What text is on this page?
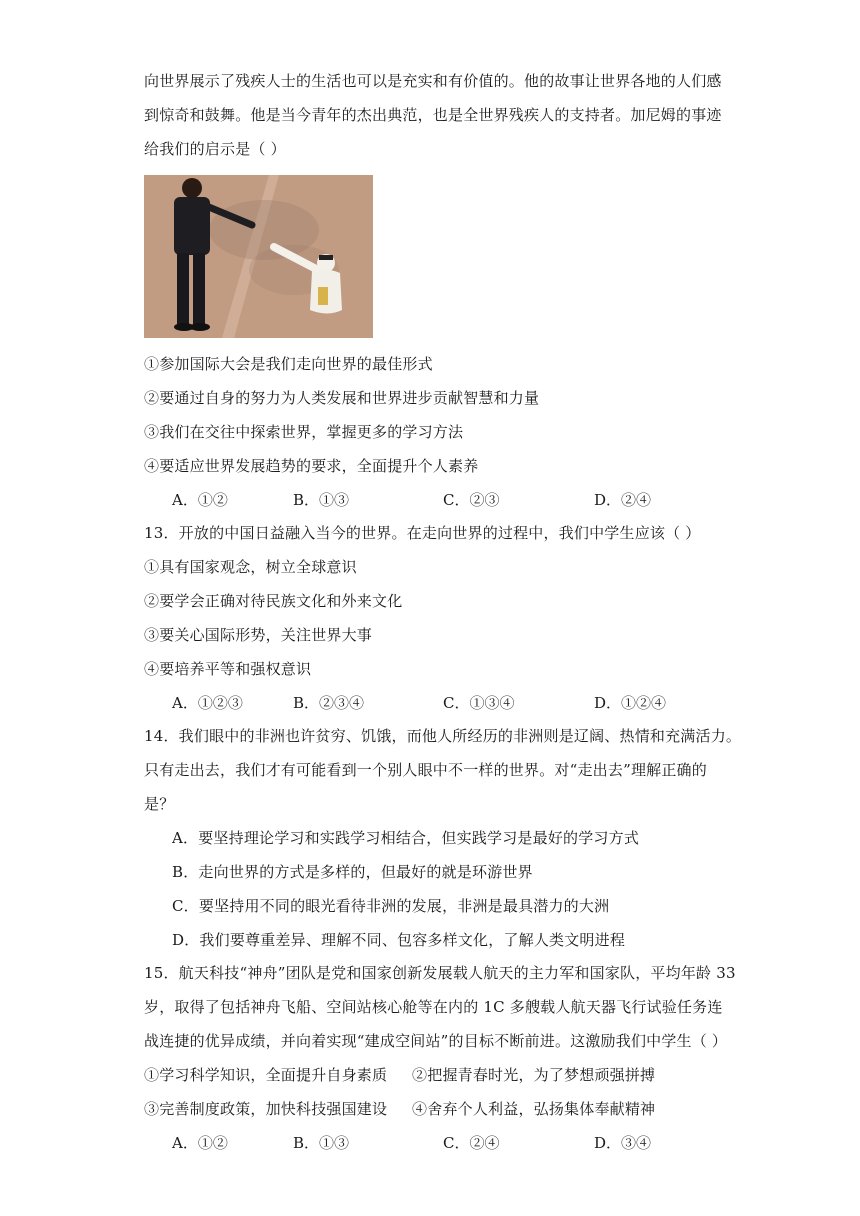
向世界展示了残疾人士的生活也可以是充实和有价值的。他的故事让世界各地的人们感
到惊奇和鼓舞。他是当今青年的杰出典范，也是全世界残疾人的支持者。加尼姆的事迹
给我们的启示是（ ）
①参加国际大会是我们走向世界的最佳形式
②要通过自身的努力为人类发展和世界进步贡献智慧和力量
③我们在交往中探索世界，掌握更多的学习方法
④要适应世界发展趋势的要求，全面提升个人素养
A．①②	B．①③	C．②③	D．②④
13．开放的中国日益融入当今的世界。在走向世界的过程中，我们中学生应该（ ）
①具有国家观念，树立全球意识
②要学会正确对待民族文化和外来文化
③要关心国际形势，关注世界大事
④要培养平等和强权意识
A．①②③	B．②③④	C．①③④	D．①②④
14．我们眼中的非洲也许贫穷、饥饿，而他人所经历的非洲则是辽阔、热情和充满活力。
只有走出去，我们才有可能看到一个别人眼中不一样的世界。对“走出去”理解正确的
是？
A．要坚持理论学习和实践学习相结合，但实践学习是最好的学习方式
B．走向世界的方式是多样的，但最好的就是环游世界
C．要坚持用不同的眼光看待非洲的发展，非洲是最具潜力的大洲
D．我们要尊重差异、理解不同、包容多样文化，了解人类文明进程
15．航天科技“神舟”团队是党和国家创新发展载人航天的主力军和国家队，平均年龄 33
岁，取得了包括神舟飞船、空间站核心舱等在内的 1C 多艘载人航天器飞行试验任务连
战连捷的优异成绩，并向着实现“建成空间站”的目标不断前进。这激励我们中学生（ ）
①学习科学知识，全面提升自身素质     ②把握青春时光，为了梦想顽强拼搏
③完善制度政策，加快科技强国建设     ④舍弃个人利益，弘扬集体奉献精神
A．①②	B．①③	C．②④	D．③④
